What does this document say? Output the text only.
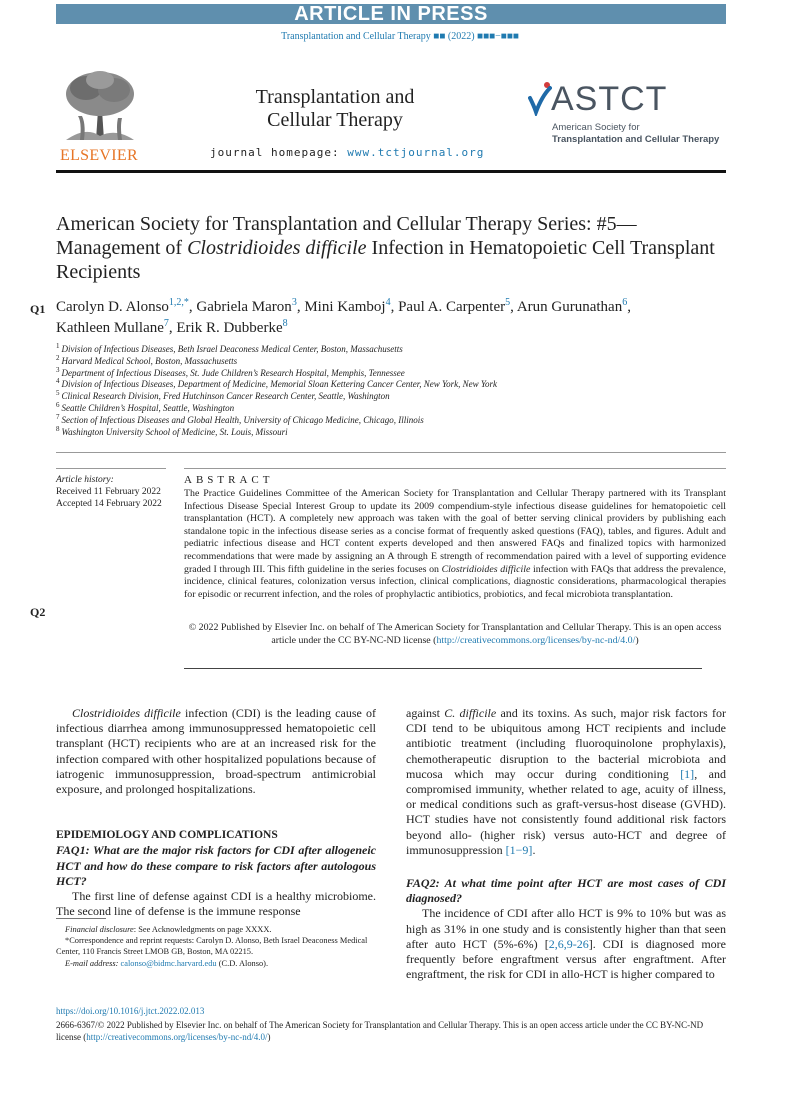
ARTICLE IN PRESS
Transplantation and Cellular Therapy ■■ (2022) ■■■−■■■
ELSEVIER
Transplantation and
Cellular Therapy
journal homepage: www.tctjournal.org
ASTCT
American Society for
Transplantation and Cellular Therapy
American Society for Transplantation and Cellular Therapy Series: #5—Management of Clostridioides difficile Infection in Hematopoietic Cell Transplant Recipients
Q1
Q2
Carolyn D. Alonso$^{1,2,*}$, Gabriela Maron$^3$, Mini Kamboj$^4$, Paul A. Carpenter$^5$, Arun Gurunathan$^6$,
Kathleen Mullane$^7$, Erik R. Dubberke$^8$
$^1$ Division of Infectious Diseases, Beth Israel Deaconess Medical Center, Boston, Massachusetts
$^2$ Harvard Medical School, Boston, Massachusetts
$^3$ Department of Infectious Diseases, St. Jude Children’s Research Hospital, Memphis, Tennessee
$^4$ Division of Infectious Diseases, Department of Medicine, Memorial Sloan Kettering Cancer Center, New York, New York
$^5$ Clinical Research Division, Fred Hutchinson Cancer Research Center, Seattle, Washington
$^6$ Seattle Children’s Hospital, Seattle, Washington
$^7$ Section of Infectious Diseases and Global Health, University of Chicago Medicine, Chicago, Illinois
$^8$ Washington University School of Medicine, St. Louis, Missouri
Article history:
Received 11 February 2022
Accepted 14 February 2022
ABSTRACT
The Practice Guidelines Committee of the American Society for Transplantation and Cellular Therapy partnered with its Transplant Infectious Disease Special Interest Group to update its 2009 compendium-style infectious disease guidelines for hematopoietic cell transplantation (HCT). A completely new approach was taken with the goal of better serving clinical providers by publishing each standalone topic in the infectious disease series as a concise format of frequently asked questions (FAQ), tables, and figures. Adult and pediatric infectious disease and HCT content experts developed and then answered FAQs and finalized topics with harmonized recommendations that were made by assigning an A through E strength of recommendation paired with a level of supporting evidence graded I through III. This fifth guideline in the series focuses on Clostridioides difficile infection with FAQs that address the prevalence, incidence, clinical features, colonization versus infection, clinical complications, diagnostic considerations, pharmacological therapies for episodic or recurrent infection, and the roles of prophylactic antibiotics, probiotics, and fecal microbiota transplantation.
© 2022 Published by Elsevier Inc. on behalf of The American Society for Transplantation and Cellular Therapy. This is an open access article under the CC BY-NC-ND license (http://creativecommons.org/licenses/by-nc-nd/4.0/)

Clostridioides difficile infection (CDI) is the leading cause of infectious diarrhea among immunosuppressed hematopoietic cell transplant (HCT) recipients who are at an increased risk for the infection compared with other hospitalized populations because of iatrogenic immunosuppression, broad-spectrum antimicrobial exposure, and prolonged hospitalizations.

EPIDEMIOLOGY AND COMPLICATIONS

FAQ1: What are the major risk factors for CDI after allogeneic HCT and how do these compare to risk factors after autologous HCT?

The first line of defense against CDI is a healthy microbiome. The second line of defense is the immune response

against C. difficile and its toxins. As such, major risk factors for CDI tend to be ubiquitous among HCT recipients and include antibiotic treatment (including fluoroquinolone prophylaxis), chemotherapeutic disruption to the bacterial microbiota and mucosa which may occur during conditioning [1], and compromised immunity, whether related to age, acuity of illness, or medical conditions such as graft-versus-host disease (GVHD). HCT studies have not consistently found additional risk factors beyond allo- (higher risk) versus auto-HCT and degree of immunosuppression [1−9].

FAQ2: At what time point after HCT are most cases of CDI diagnosed?

The incidence of CDI after allo HCT is 9% to 10% but was as high as 31% in one study and is consistently higher than that seen after auto HCT (5%-6%) [2,6,9-26]. CDI is diagnosed more frequently before engraftment versus after engraftment. After engraftment, the risk for CDI in allo-HCT is higher compared to

Financial disclosure: See Acknowledgments on page XXXX.

*Correspondence and reprint requests: Carolyn D. Alonso, Beth Israel Deaconess Medical Center, 110 Francis Street LMOB GB, Boston, MA 02215.

E-mail address: calonso@bidmc.harvard.edu (C.D. Alonso).

https://doi.org/10.1016/j.jtct.2022.02.013
2666-6367/© 2022 Published by Elsevier Inc. on behalf of The American Society for Transplantation and Cellular Therapy. This is an open access article under the CC BY-NC-ND license (http://creativecommons.org/licenses/by-nc-nd/4.0/)
